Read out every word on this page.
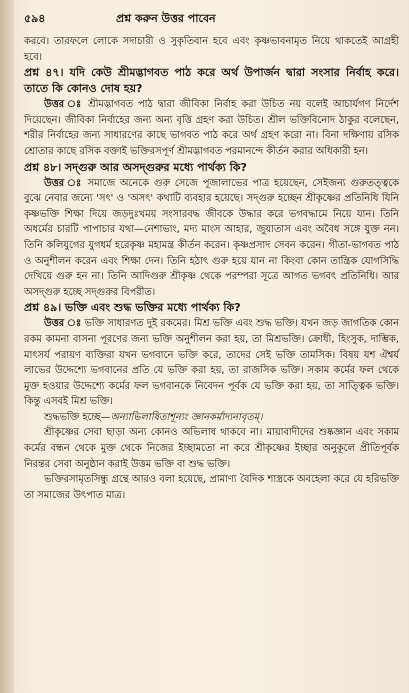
৫৯৪	প্রশ্ন করুন উত্তর পাবেন

করবে। তারফলে লোকে সদাচারী ও সুকৃতিবান হবে এবং কৃষ্ণভাবনামৃত নিয়ে থাকতেই আগ্রহী হবে।

প্রশ্ন ৪৭। যদি কেউ শ্রীমদ্ভাগবত পাঠ করে অর্থ উপার্জন দ্বারা সংসার নির্বাহ করে। তাতে কি কোনও দোষ হয়?

উত্তর ঃ শ্রীমদ্ভাগবত পাঠ দ্বারা জীবিকা নির্বাহ করা উচিত নয় বলেই আচার্যগণ নির্দেশ দিয়েছেন। জীবিকা নির্বাহের জন্য অন্য বৃত্তি গ্রহণ করা উচিত। শ্রীল ভক্তিবিনোদ ঠাকুর বলেছেন, শরীর নির্বাহের জন্য সাধারণের কাছে ভাগবত পাঠ করে অর্থ গ্রহণ করো না। বিনা দক্ষিণায় রসিক শ্রোতার কাছে রসিক বক্তাই ভক্তিরসপূর্ণ শ্রীমদ্ভাগবত পরমানন্দে কীর্তন করার অধিকারী হন।

প্রশ্ন ৪৮। সদ্গুরু আর অসদ্গুরুর মধ্যে পার্থক্য কি?

উত্তর ঃ সমাজে অনেকে গুরু সেজে পূজালাভের পাত্র হয়েছেন, সেইজন্য গুরুতত্ত্বকে বুঝে নেবার জন্যে 'সৎ' ও 'অসৎ' কথাটি ব্যবহার হয়েছে। সদ্গুরু হচ্ছেন শ্রীকৃষ্ণের প্রতিনিধি যিনি কৃষ্ণভক্তি শিক্ষা দিয়ে জড়দুঃখময় সংসারবদ্ধ জীবকে উদ্ধার করে ভগবদ্ধামে নিয়ে যান। তিনি অধর্মের চারটি পাপাচার যথা—নেশাভাং, মদ্য মাংস আহার, জুয়াতাস এবং অবৈধ সঙ্গে যুক্ত নন। তিনি কলিযুগের যুগধর্ম হরেকৃষ্ণ মহামন্ত্র কীর্তন করেন। কৃষ্ণপ্রসাদ সেবন করেন। গীতা-ভাগবত পাঠ ও অনুশীলন করেন এবং শিক্ষা দেন। তিনি হঠাৎ গুরু হয়ে যান না কিংবা কোন তান্ত্রিক যোগসিদ্ধি দেখিয়ে গুরু হন না। তিনি আদিগুরু শ্রীকৃষ্ণ থেকে পরম্পরা সূত্রে আগত ভগবৎ প্রতিনিধি। আর অসদ্গুরু হচ্ছে সদ্গুরুর বিপরীত।

প্রশ্ন ৪৯। ভক্তি এবং শুদ্ধ ভক্তির মধ্যে পার্থক্য কি?

উত্তর ঃ ভক্তি সাধারণত দুই রকমের। মিশ্র ভক্তি এবং শুদ্ধ ভক্তি। যখন জড় জাগতিক কোন রকম কামনা বাসনা পূরণের জন্য ভক্তি অনুশীলন করা হয়, তা মিশ্রভক্তি। ক্রোধী, হিংসুক, দাম্ভিক, মাৎসর্য পরায়ণ ব্যক্তিরা যখন ভগবানে ভক্তি করে, তাদের সেই ভক্তি তামসিক। বিষয় যশ ঐশ্বর্য লাভের উদ্দেশ্যে ভগবানের প্রতি যে ভক্তি করা হয়, তা রাজসিক ভক্তি। সকাম কর্মের ফল থেকে মুক্ত হওয়ার উদ্দেশ্যে কর্মের ফল ভগবানকে নিবেদন পূর্বক যে ভক্তি করা হয়, তা সাত্ত্বিক ভক্তি। কিন্তু এসবই মিশ্র ভক্তি।

শুদ্ধভক্তি হচ্ছে—অন্যাভিলাষিতাশূন্যং জ্ঞানকর্মাদ্যনাবৃতম্।

শ্রীকৃষ্ণের সেবা ছাড়া অন্য কোনও অভিলাষ থাকবে না। মায়াবাদীদের শুষ্কজ্ঞান এবং সকাম কর্মের বন্ধন থেকে মুক্ত থেকে নিজের ইচ্ছামতো না করে শ্রীকৃষ্ণের ইচ্ছার অনুকূলে প্রীতিপূর্বক নিরন্তর সেবা অনুষ্ঠান করাই উত্তম ভক্তি বা শুদ্ধ ভক্তি।

ভক্তিরসামৃতসিন্ধু গ্রন্থে আরও বলা হয়েছে, প্রামাণ্য বৈদিক শাস্ত্রকে অবহেলা করে যে হরিভক্তি তা সমাজের উৎপাত মাত্র।
